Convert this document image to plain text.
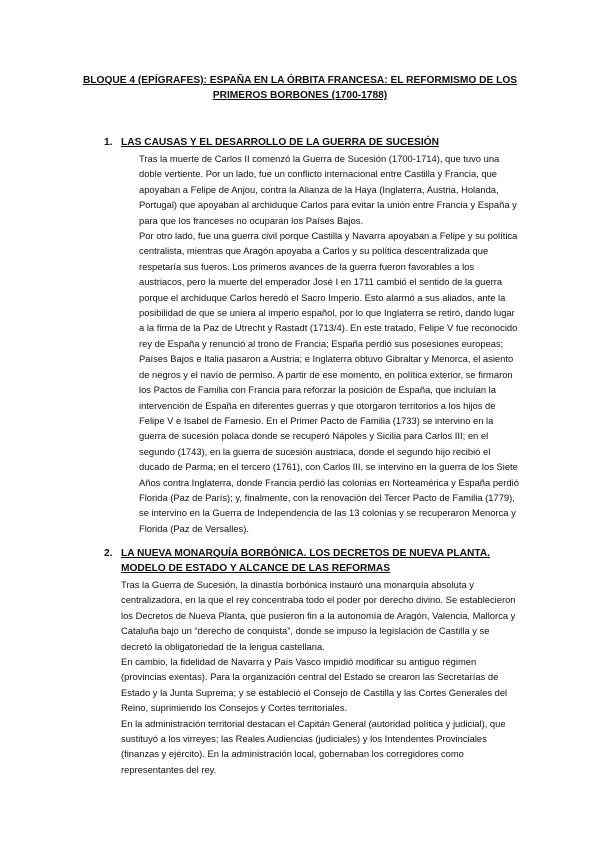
BLOQUE 4 (EPÍGRAFES): ESPAÑA EN LA ÓRBITA FRANCESA: EL REFORMISMO DE LOS PRIMEROS BORBONES (1700-1788)
1. LAS CAUSAS Y EL DESARROLLO DE LA GUERRA DE SUCESIÓN

Tras la muerte de Carlos II comenzó la Guerra de Sucesión (1700-1714), que tuvo una doble vertiente. Por un lado, fue un conflicto internacional entre Castilla y Francia, que apoyaban a Felipe de Anjou, contra la Alianza de la Haya (Inglaterra, Austria, Holanda, Portugal) que apoyaban al archiduque Carlos para evitar la unión entre Francia y España y para que los franceses no ocuparan los Países Bajos.

Por otro lado, fue una guerra civil porque Castilla y Navarra apoyaban a Felipe y su política centralista, mientras que Aragón apoyaba a Carlos y su política descentralizada que respetaría sus fueros. Los primeros avances de la guerra fueron favorables a los austriacos, pero la muerte del emperador José I en 1711 cambió el sentido de la guerra porque el archiduque Carlos heredó el Sacro Imperio. Esto alarmó a sus aliados, ante la posibilidad de que se uniera al imperio español, por lo que Inglaterra se retiró, dando lugar a la firma de la Paz de Utrecht y Rastadt (1713/4). En este tratado, Felipe V fue reconocido rey de España y renunció al trono de Francia; España perdió sus posesiones europeas; Países Bajos e Italia pasaron a Austria; e Inglaterra obtuvo Gibraltar y Menorca, el asiento de negros y el navío de permiso. A partir de ese momento, en política exterior, se firmaron los Pactos de Familia con Francia para reforzar la posición de España, que incluían la intervención de España en diferentes guerras y que otorgaron territorios a los hijos de Felipe V e Isabel de Farnesio. En el Primer Pacto de Familia (1733) se intervino en la guerra de sucesión polaca donde se recuperó Nápoles y Sicilia para Carlos III; en el segundo (1743), en la guerra de sucesión austriaca, donde el segundo hijo recibió el ducado de Parma; en el tercero (1761), con Carlos III, se intervino en la guerra de los Siete Años contra Inglaterra, donde Francia perdió las colonias en Norteamérica y España perdió Florida (Paz de París); y, finalmente, con la renovación del Tercer Pacto de Familia (1779), se intervino en la Guerra de Independencia de las 13 colonias y se recuperaron Menorca y Florida (Paz de Versalles).

2. LA NUEVA MONARQUÍA BORBÓNICA. LOS DECRETOS DE NUEVA PLANTA. MODELO DE ESTADO Y ALCANCE DE LAS REFORMAS

Tras la Guerra de Sucesión, la dinastía borbónica instauró una monarquía absoluta y centralizadora, en la que el rey concentraba todo el poder por derecho divino. Se establecieron los Decretos de Nueva Planta, que pusieron fin a la autonomía de Aragón, Valencia, Mallorca y Cataluña bajo un “derecho de conquista”, donde se impuso la legislación de Castilla y se decretó la obligatoriedad de la lengua castellana.

En cambio, la fidelidad de Navarra y País Vasco impidió modificar su antiguo régimen (provincias exentas). Para la organización central del Estado se crearon las Secretarías de Estado y la Junta Suprema; y se estableció el Consejo de Castilla y las Cortes Generales del Reino, suprimiendo los Consejos y Cortes territoriales.

En la administración territorial destacan el Capitán General (autoridad política y judicial), que sustituyó a los virreyes; las Reales Audiencias (judiciales) y los Intendentes Provinciales (finanzas y ejército). En la administración local, gobernaban los corregidores como representantes del rey.
